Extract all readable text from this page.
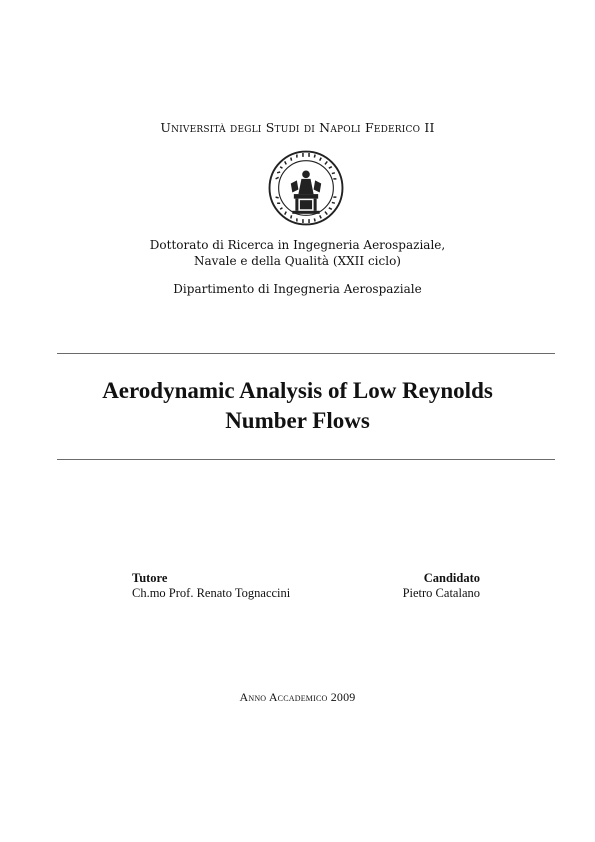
Università degli Studi di Napoli Federico II
Dottorato di Ricerca in Ingegneria Aerospaziale,
Navale e della Qualità (XXII ciclo)
Dipartimento di Ingegneria Aerospaziale
Aerodynamic Analysis of Low Reynolds
Number Flows
Tutore
Ch.mo Prof. Renato Tognaccini
Candidato
Pietro Catalano
Anno Accademico 2009
